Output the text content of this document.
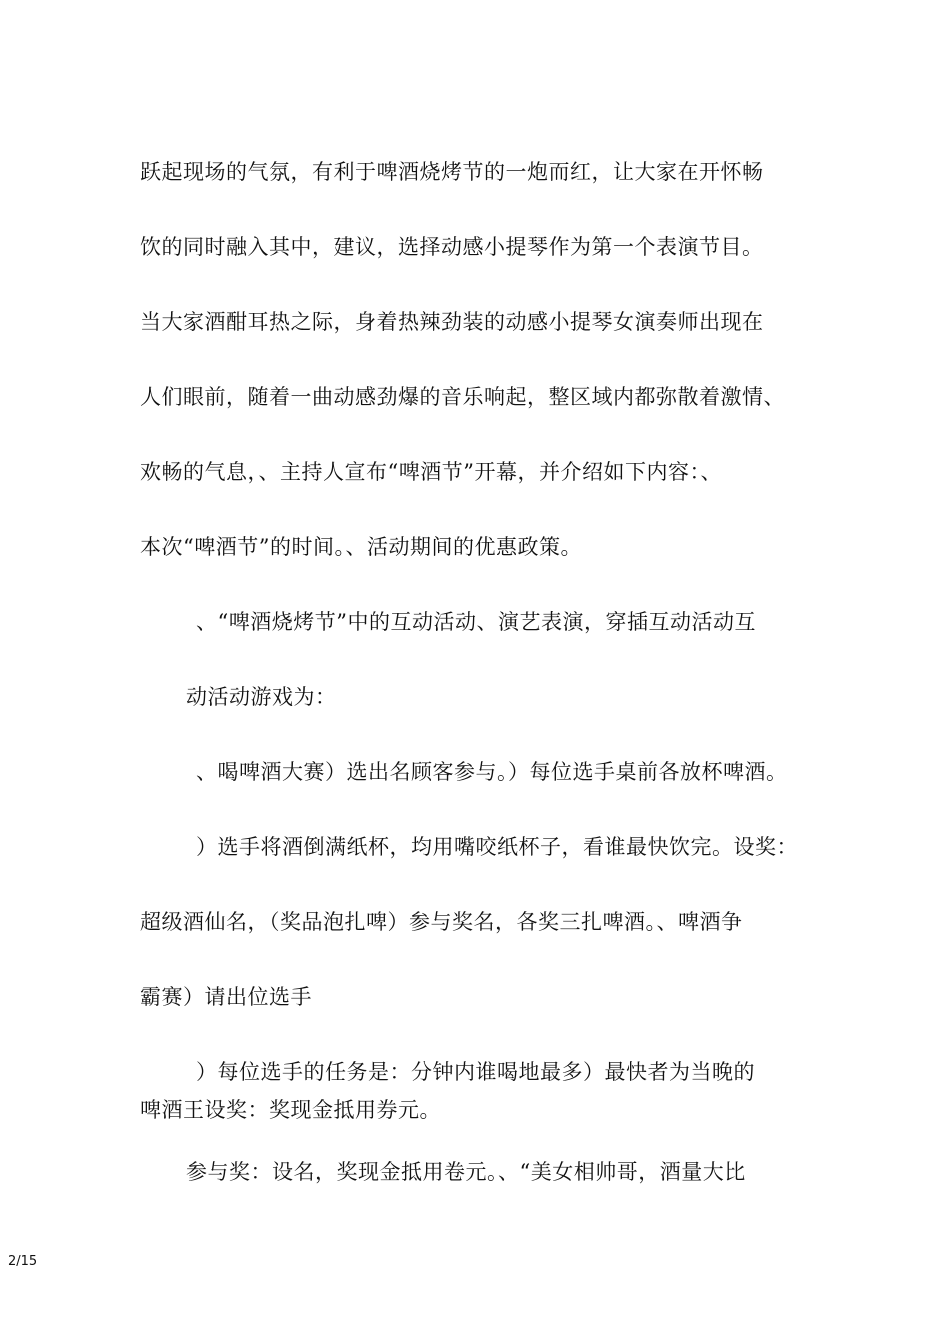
跃起现场的气氛，有利于啤酒烧烤节的一炮而红，让大家在开怀畅
饮的同时融入其中，建议，选择动感小提琴作为第一个表演节目。
当大家酒酣耳热之际，身着热辣劲装的动感小提琴女演奏师出现在
人们眼前，随着一曲动感劲爆的音乐响起，整区域内都弥散着激情、
欢畅的气息，、主持人宣布“啤酒节”开幕，并介绍如下内容：、
本次“啤酒节”的时间。、活动期间的优惠政策。
、“啤酒烧烤节”中的互动活动、演艺表演，穿插互动活动互
动活动游戏为：
、喝啤酒大赛）选出名顾客参与。）每位选手桌前各放杯啤酒。
）选手将酒倒满纸杯，均用嘴咬纸杯子，看谁最快饮完。设奖：
超级酒仙名，（奖品泡扎啤）参与奖名，各奖三扎啤酒。、啤酒争
霸赛）请出位选手
）每位选手的任务是：分钟内谁喝地最多）最快者为当晚的
啤酒王设奖：奖现金抵用券元。
参与奖：设名，奖现金抵用卷元。、“美女相帅哥，酒量大比
2/15
